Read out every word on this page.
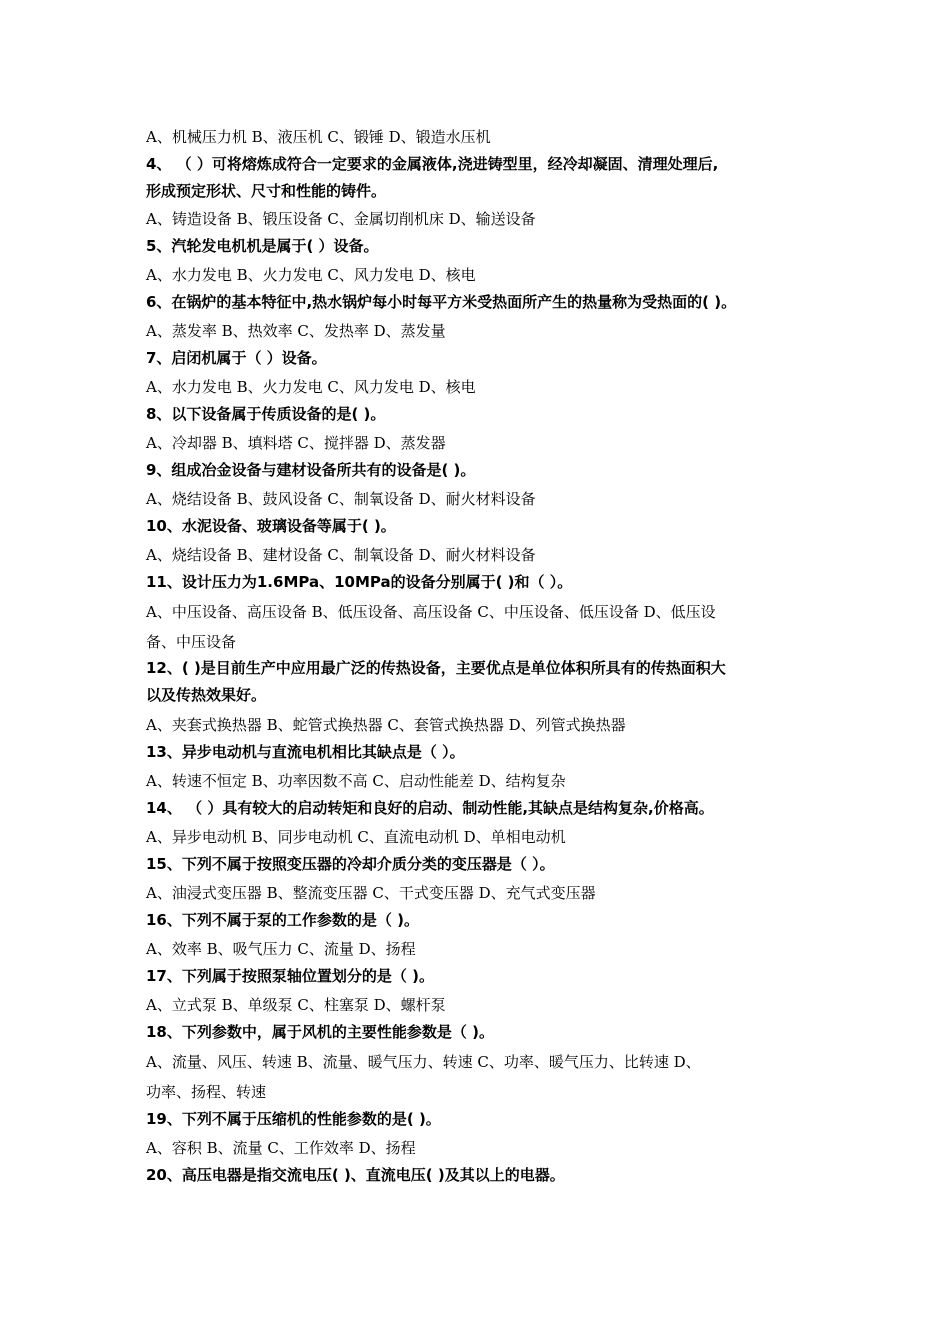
A、机械压力机 B、液压机 C、锻锤 D、锻造水压机
4、 （ ）可将熔炼成符合一定要求的金属液体,浇进铸型里，经冷却凝固、清理处理后,
形成预定形状、尺寸和性能的铸件。
A、铸造设备 B、锻压设备 C、金属切削机床 D、输送设备
5、汽轮发电机机是属于( ）设备。
A、水力发电 B、火力发电 C、风力发电 D、核电
6、在锅炉的基本特征中,热水锅炉每小时每平方米受热面所产生的热量称为受热面的( )。
A、蒸发率 B、热效率 C、发热率 D、蒸发量
7、启闭机属于（ ）设备。
A、水力发电 B、火力发电 C、风力发电 D、核电
8、以下设备属于传质设备的是( )。
A、冷却器 B、填料塔 C、搅拌器 D、蒸发器
9、组成冶金设备与建材设备所共有的设备是( )。
A、烧结设备 B、鼓风设备 C、制氧设备 D、耐火材料设备
10、水泥设备、玻璃设备等属于( )。
A、烧结设备 B、建材设备 C、制氧设备 D、耐火材料设备
11、设计压力为1.6MPa、10MPa的设备分别属于( )和（ ）。
A、中压设备、高压设备 B、低压设备、高压设备 C、中压设备、低压设备 D、低压设
备、中压设备
12、( )是目前生产中应用最广泛的传热设备，主要优点是单位体积所具有的传热面积大
以及传热效果好。
A、夹套式换热器 B、蛇管式换热器 C、套管式换热器 D、列管式换热器
13、异步电动机与直流电机相比其缺点是（ ）。
A、转速不恒定 B、功率因数不高 C、启动性能差 D、结构复杂
14、 （ ）具有较大的启动转矩和良好的启动、制动性能,其缺点是结构复杂,价格高。
A、异步电动机 B、同步电动机 C、直流电动机 D、单相电动机
15、下列不属于按照变压器的冷却介质分类的变压器是（ ）。
A、油浸式变压器 B、整流变压器 C、干式变压器 D、充气式变压器
16、下列不属于泵的工作参数的是（ )。
A、效率 B、吸气压力 C、流量 D、扬程
17、下列属于按照泵轴位置划分的是（ )。
A、立式泵 B、单级泵 C、柱塞泵 D、螺杆泵
18、下列参数中，属于风机的主要性能参数是（ )。
A、流量、风压、转速 B、流量、暖气压力、转速 C、功率、暖气压力、比转速 D、
功率、扬程、转速
19、下列不属于压缩机的性能参数的是( )。
A、容积 B、流量 C、工作效率 D、扬程
20、高压电器是指交流电压( )、直流电压( )及其以上的电器。
